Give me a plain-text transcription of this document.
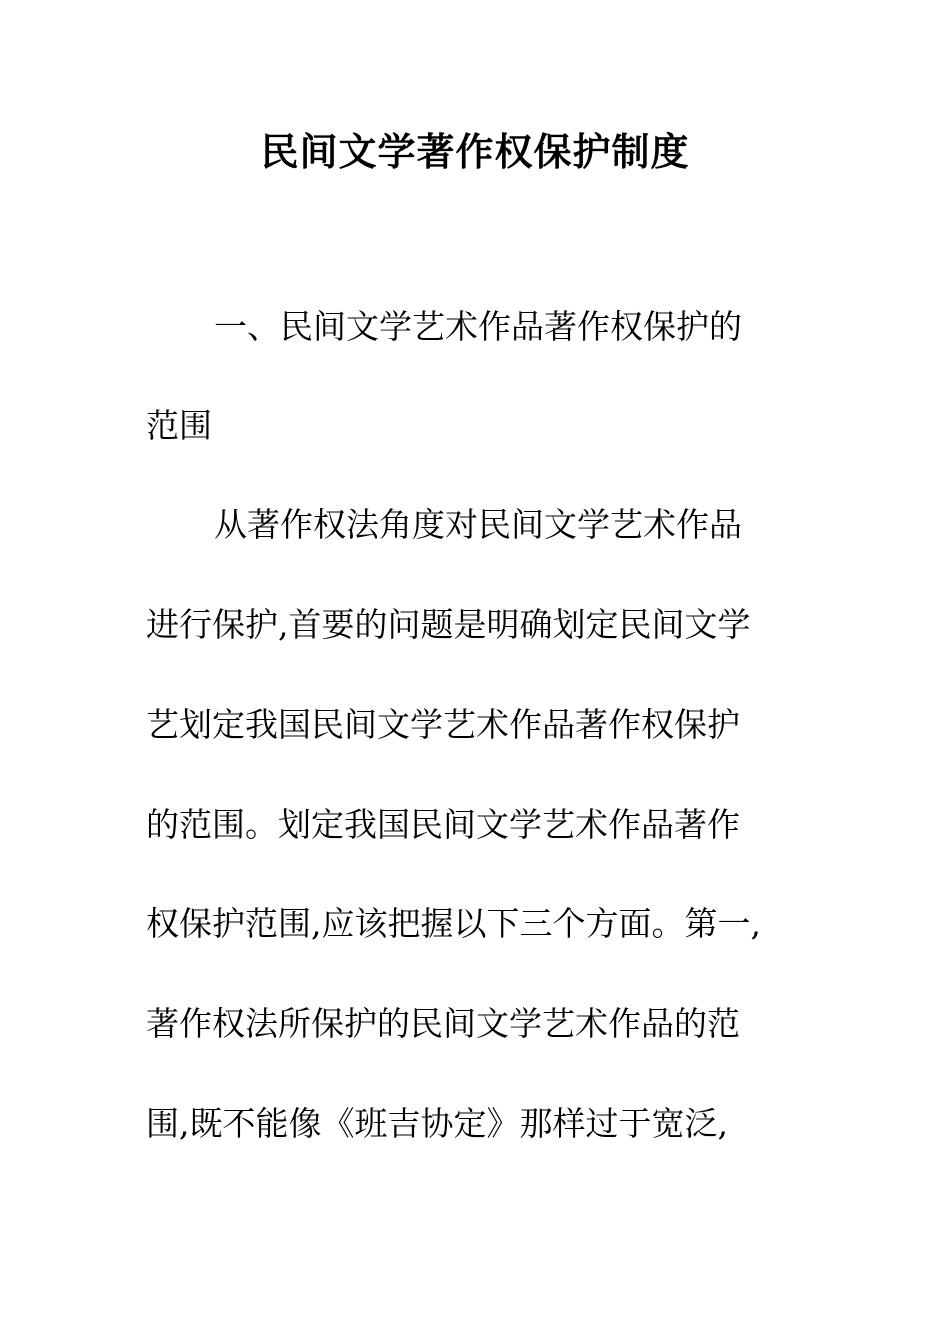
民间文学著作权保护制度
一、民间文学艺术作品著作权保护的
范围
从著作权法角度对民间文学艺术作品
进行保护,首要的问题是明确划定民间文学
艺划定我国民间文学艺术作品著作权保护
的范围。划定我国民间文学艺术作品著作
权保护范围,应该把握以下三个方面。第一,
著作权法所保护的民间文学艺术作品的范
围,既不能像《班吉协定》那样过于宽泛,
